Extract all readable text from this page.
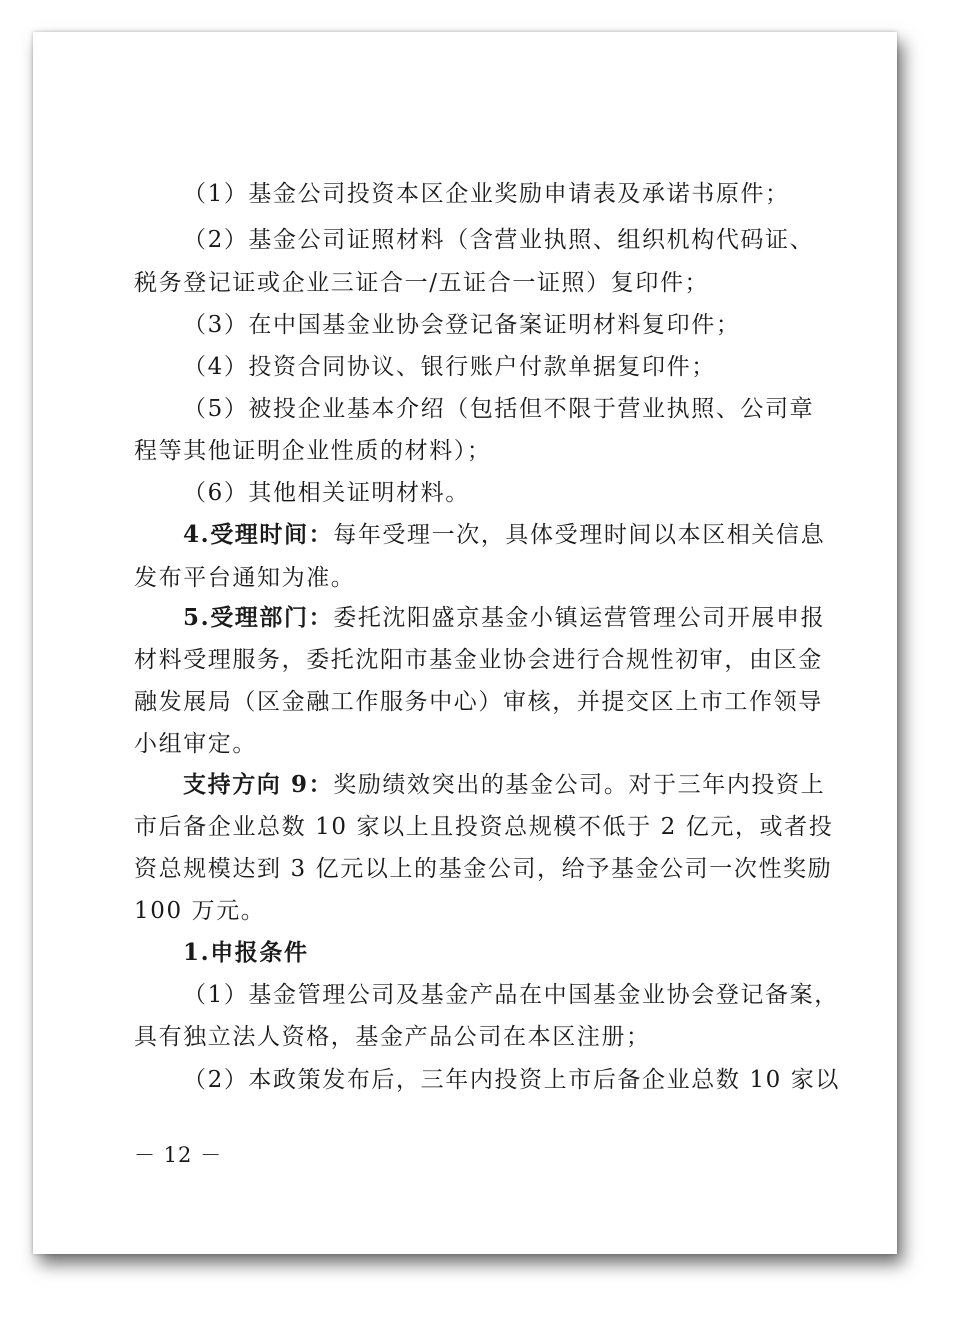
（1）基金公司投资本区企业奖励申请表及承诺书原件；
（2）基金公司证照材料（含营业执照、组织机构代码证、
税务登记证或企业三证合一/五证合一证照）复印件；
（3）在中国基金业协会登记备案证明材料复印件；
（4）投资合同协议、银行账户付款单据复印件；
（5）被投企业基本介绍（包括但不限于营业执照、公司章
程等其他证明企业性质的材料）；
（6）其他相关证明材料。
4.受理时间：每年受理一次，具体受理时间以本区相关信息
发布平台通知为准。
5.受理部门：委托沈阳盛京基金小镇运营管理公司开展申报
材料受理服务，委托沈阳市基金业协会进行合规性初审，由区金
融发展局（区金融工作服务中心）审核，并提交区上市工作领导
小组审定。
支持方向 9：奖励绩效突出的基金公司。对于三年内投资上
市后备企业总数 10 家以上且投资总规模不低于 2 亿元，或者投
资总规模达到 3 亿元以上的基金公司，给予基金公司一次性奖励
100 万元。
1.申报条件
（1）基金管理公司及基金产品在中国基金业协会登记备案，
具有独立法人资格，基金产品公司在本区注册；
（2）本政策发布后，三年内投资上市后备企业总数 10 家以
－ 12 －
